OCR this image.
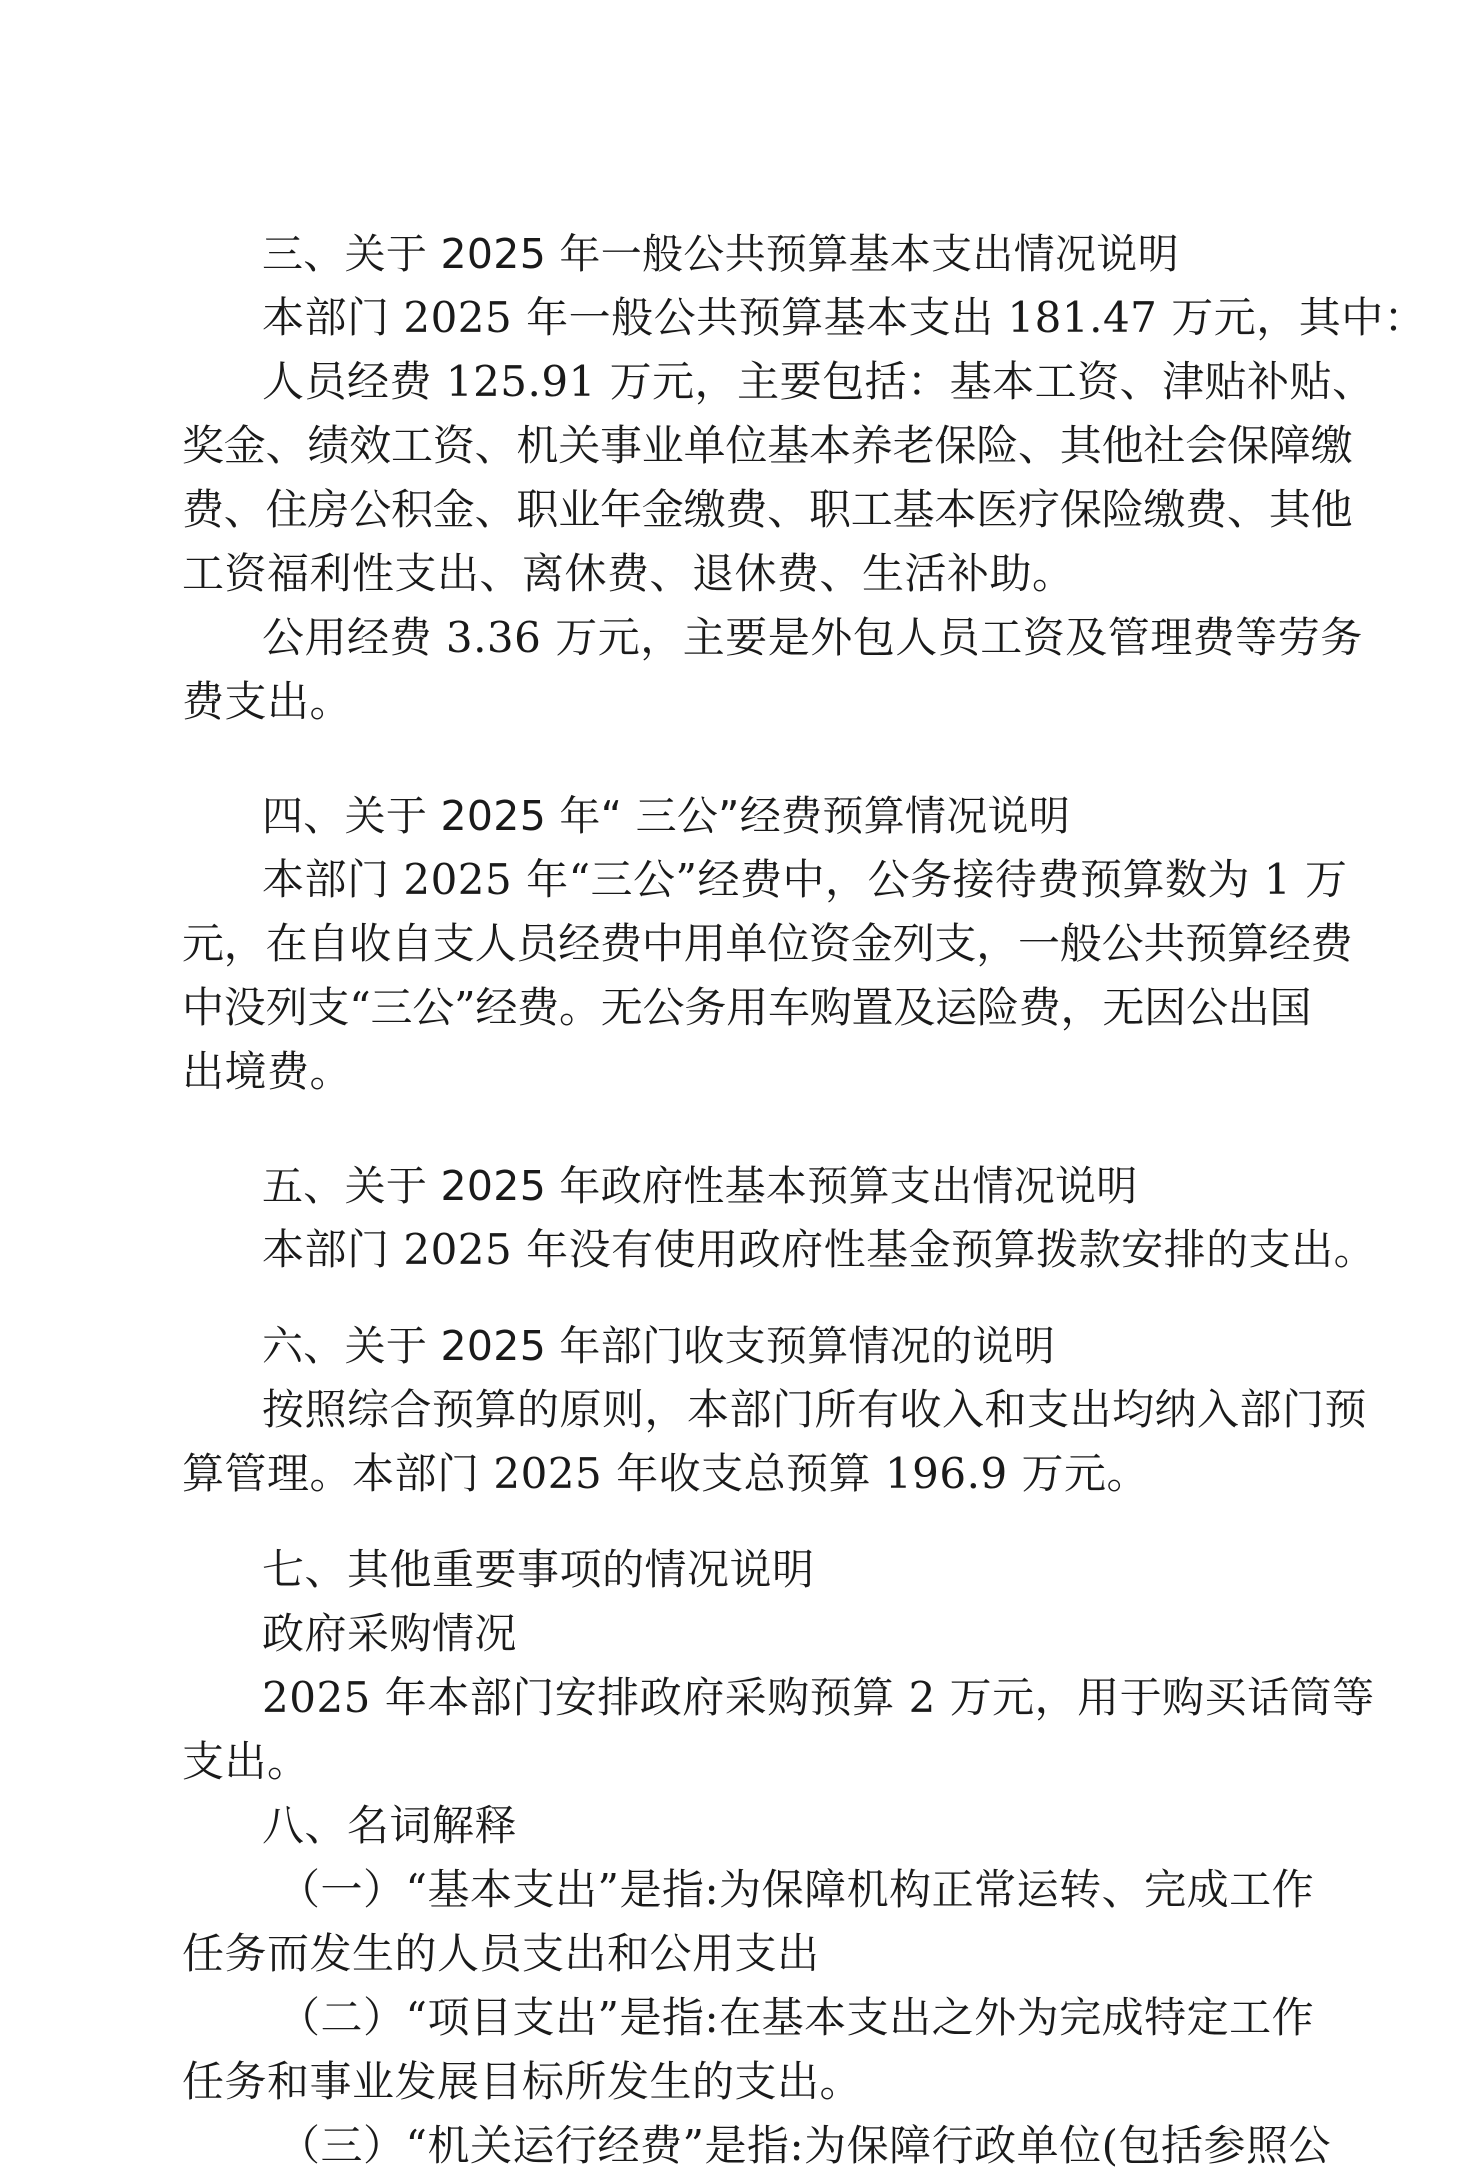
三、关于 2025 年一般公共预算基本支出情况说明
本部门 2025 年一般公共预算基本支出 181.47 万元，其中：
人员经费 125.91 万元，主要包括：基本工资、津贴补贴、
奖金、绩效工资、机关事业单位基本养老保险、其他社会保障缴
费、住房公积金、职业年金缴费、职工基本医疗保险缴费、其他
工资福利性支出、离休费、退休费、生活补助。
公用经费 3.36 万元，主要是外包人员工资及管理费等劳务
费支出。
四、关于 2025 年“ 三公”经费预算情况说明
本部门 2025 年“三公”经费中，公务接待费预算数为 1 万
元，在自收自支人员经费中用单位资金列支，一般公共预算经费
中没列支“三公”经费。无公务用车购置及运险费，无因公出国
出境费。
五、关于 2025 年政府性基本预算支出情况说明
本部门 2025 年没有使用政府性基金预算拨款安排的支出。
六、关于 2025 年部门收支预算情况的说明
按照综合预算的原则，本部门所有收入和支出均纳入部门预
算管理。本部门 2025 年收支总预算 196.9 万元。
七、其他重要事项的情况说明
政府采购情况
2025 年本部门安排政府采购预算 2 万元，用于购买话筒等
支出。
八、名词解释
（一）“基本支出”是指:为保障机构正常运转、完成工作
任务而发生的人员支出和公用支出
（二）“项目支出”是指:在基本支出之外为完成特定工作
任务和事业发展目标所发生的支出。
（三）“机关运行经费”是指:为保障行政单位(包括参照公
